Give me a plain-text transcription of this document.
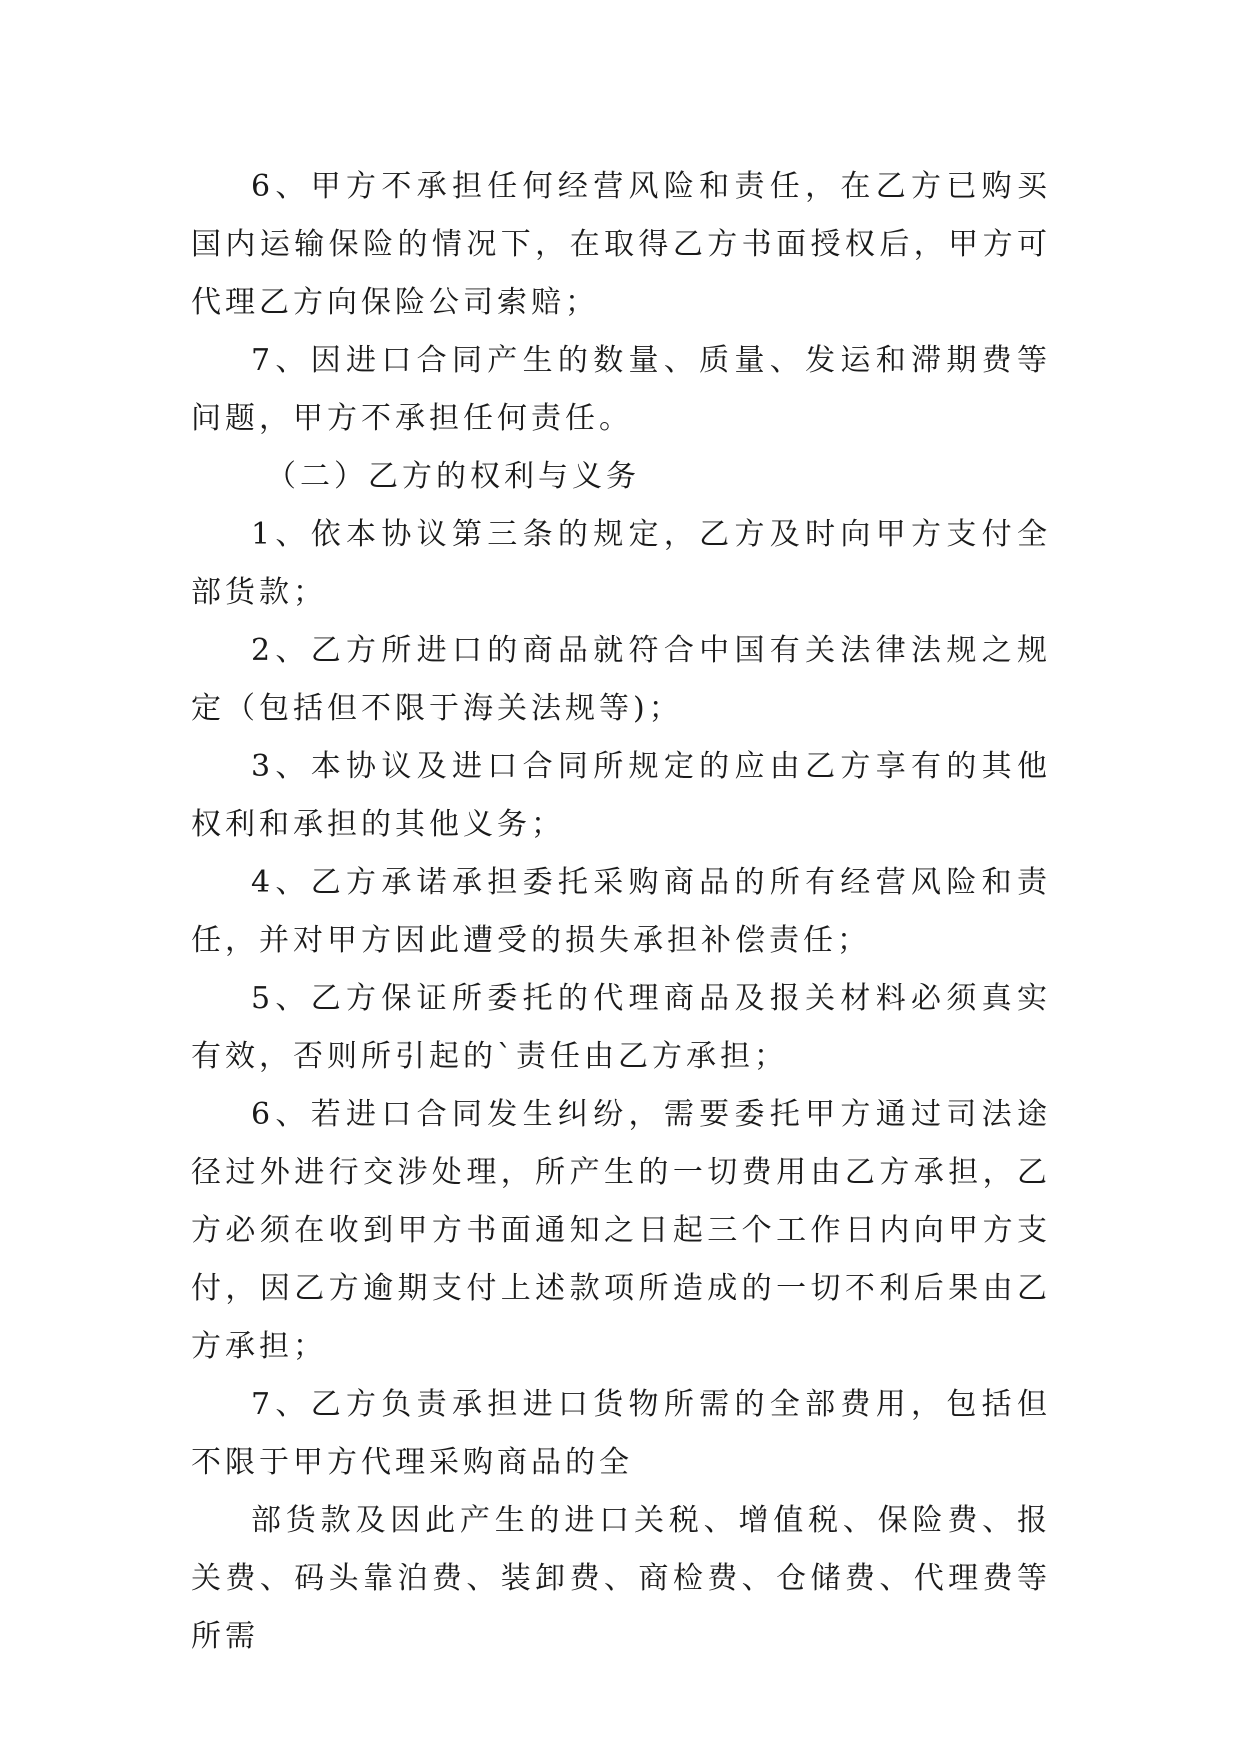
6、甲方不承担任何经营风险和责任，在乙方已购买国内运输保险的情况下，在取得乙方书面授权后，甲方可代理乙方向保险公司索赔；

7、因进口合同产生的数量、质量、发运和滞期费等问题，甲方不承担任何责任。

（二）乙方的权利与义务

1、依本协议第三条的规定，乙方及时向甲方支付全部货款；

2、乙方所进口的商品就符合中国有关法律法规之规定（包括但不限于海关法规等)；

3、本协议及进口合同所规定的应由乙方享有的其他权利和承担的其他义务；

4、乙方承诺承担委托采购商品的所有经营风险和责任，并对甲方因此遭受的损失承担补偿责任；

5、乙方保证所委托的代理商品及报关材料必须真实有效，否则所引起的`责任由乙方承担；

6、若进口合同发生纠纷，需要委托甲方通过司法途径过外进行交涉处理，所产生的一切费用由乙方承担，乙方必须在收到甲方书面通知之日起三个工作日内向甲方支付，因乙方逾期支付上述款项所造成的一切不利后果由乙方承担；

7、乙方负责承担进口货物所需的全部费用，包括但不限于甲方代理采购商品的全

部货款及因此产生的进口关税、增值税、保险费、报关费、码头靠泊费、装卸费、商检费、仓储费、代理费等所需
